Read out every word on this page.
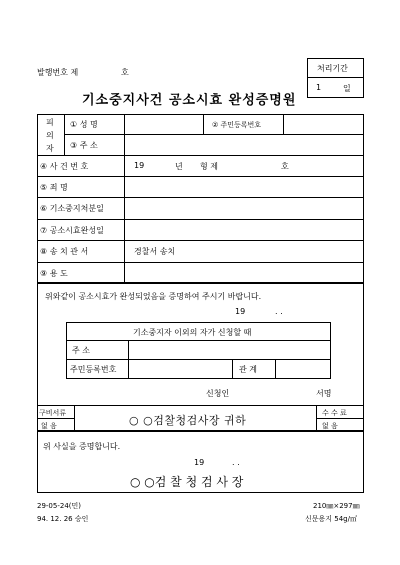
발행번호 제	호	처리기간
1	일
기소중지사건 공소시효 완성증명원
피
의
자
① 성 명	② 주민등록번호
③ 주 소
④ 사 건 번 호	19	년 형 제	호
⑤ 죄 명
⑥ 기소중지처분일
⑦ 공소시효완성일
⑧ 송 치 관 서	경찰서 송치
⑨ 용 도
위와같이 공소시효가 완성되었음을 증명하여 주시기 바랍니다.
19	. .
기소중지자 이외의 자가 신청할 때
주 소
주민등록번호	관 계
신청인	서명
구비서류
없 음	○ ○검찰청검사장 귀하
수 수 료
없 음
위 사실을 증명합니다.
19	. .
○ ○검 찰 청 검 사 장
29-05-24(민)
94. 12. 26 승인
210㎜×297㎜
신문용지 54g/㎡
